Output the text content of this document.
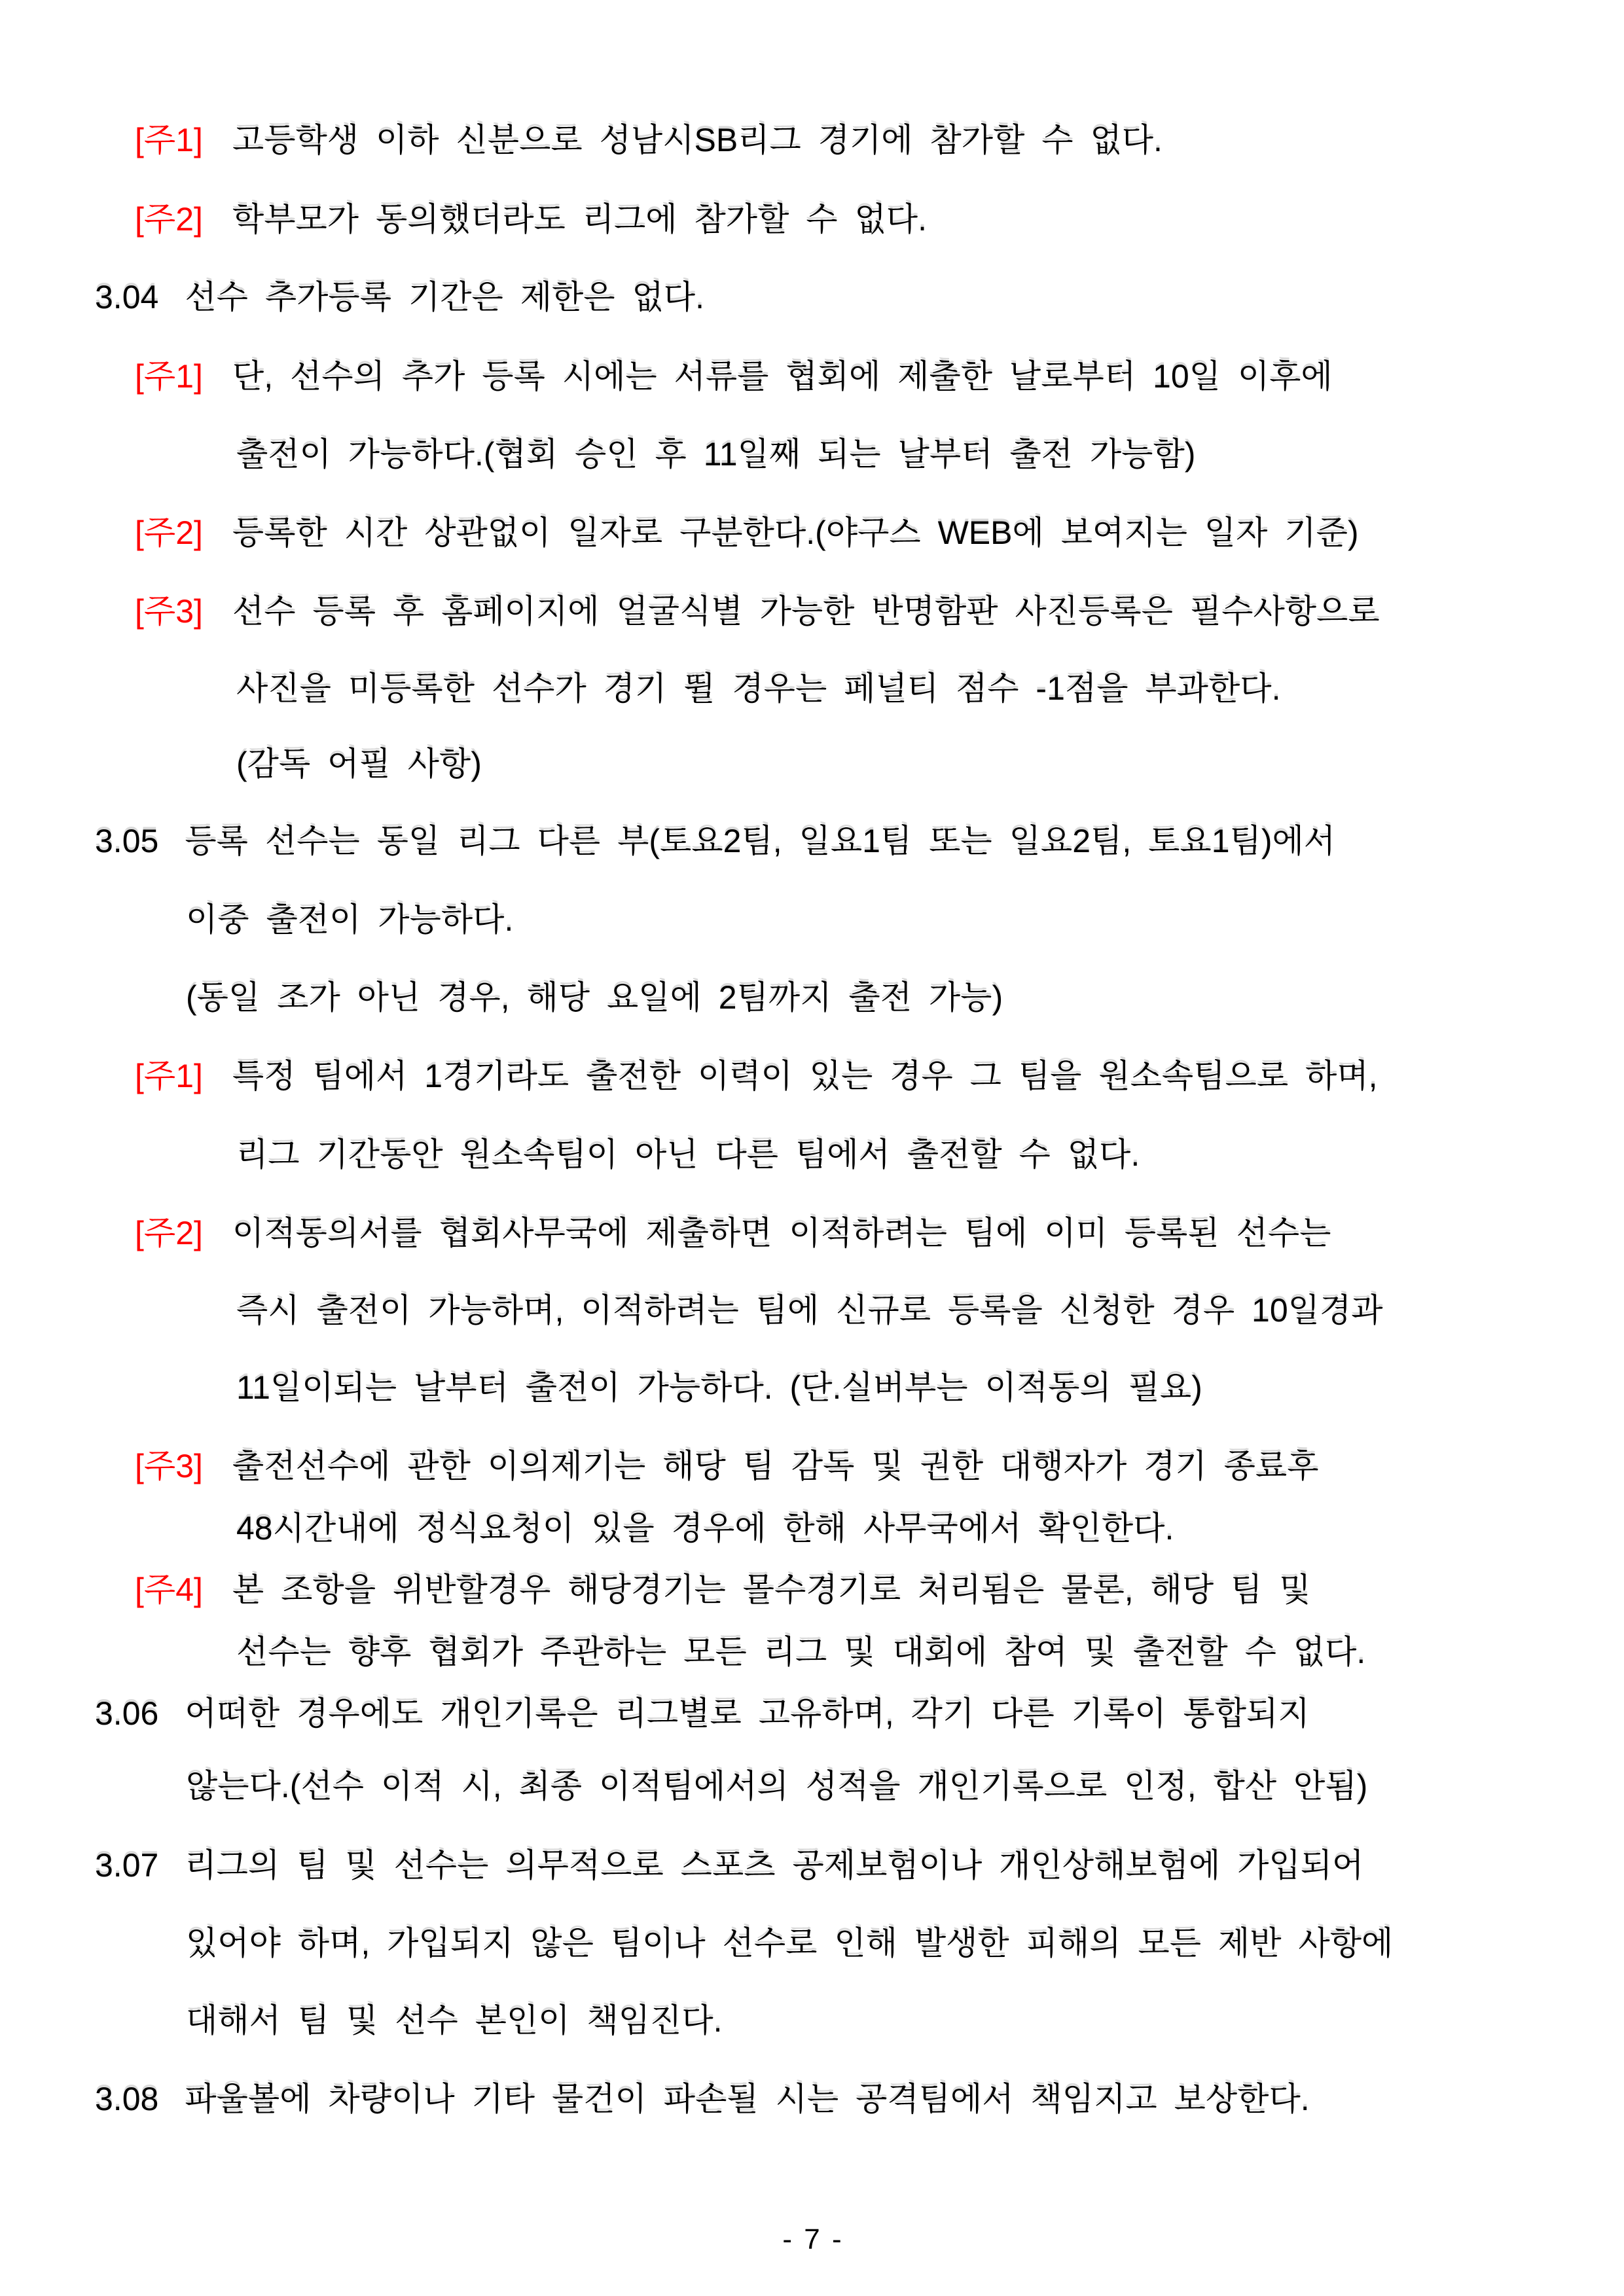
[주1] 고등학생 이하 신분으로 성남시SB리그 경기에 참가할 수 없다.
[주2] 학부모가 동의했더라도 리그에 참가할 수 없다.
3.04 선수 추가등록 기간은 제한은 없다.
[주1] 단, 선수의 추가 등록 시에는 서류를 협회에 제출한 날로부터 10일 이후에
출전이 가능하다.(협회 승인 후 11일째 되는 날부터 출전 가능함)
[주2] 등록한 시간 상관없이 일자로 구분한다.(야구스 WEB에 보여지는 일자 기준)
[주3] 선수 등록 후 홈페이지에 얼굴식별 가능한 반명함판 사진등록은 필수사항으로
사진을 미등록한 선수가 경기 뛸 경우는 페널티 점수 -1점을 부과한다.
(감독 어필 사항)
3.05 등록 선수는 동일 리그 다른 부(토요2팀, 일요1팀 또는 일요2팀, 토요1팀)에서
이중 출전이 가능하다.
(동일 조가 아닌 경우, 해당 요일에 2팀까지 출전 가능)
[주1] 특정 팀에서 1경기라도 출전한 이력이 있는 경우 그 팀을 원소속팀으로 하며,
리그 기간동안 원소속팀이 아닌 다른 팀에서 출전할 수 없다.
[주2] 이적동의서를 협회사무국에 제출하면 이적하려는 팀에 이미 등록된 선수는
즉시 출전이 가능하며, 이적하려는 팀에 신규로 등록을 신청한 경우 10일경과
11일이되는 날부터 출전이 가능하다. (단.실버부는 이적동의 필요)
[주3] 출전선수에 관한 이의제기는 해당 팀 감독 및 권한 대행자가 경기 종료후
48시간내에 정식요청이 있을 경우에 한해 사무국에서 확인한다.
[주4] 본 조항을 위반할경우 해당경기는 몰수경기로 처리됨은 물론, 해당 팀 및
선수는 향후 협회가 주관하는 모든 리그 및 대회에 참여 및 출전할 수 없다.
3.06 어떠한 경우에도 개인기록은 리그별로 고유하며, 각기 다른 기록이 통합되지
않는다.(선수 이적 시, 최종 이적팀에서의 성적을 개인기록으로 인정, 합산 안됨)
3.07 리그의 팀 및 선수는 의무적으로 스포츠 공제보험이나 개인상해보험에 가입되어
있어야 하며, 가입되지 않은 팀이나 선수로 인해 발생한 피해의 모든 제반 사항에
대해서 팀 및 선수 본인이 책임진다.
3.08 파울볼에 차량이나 기타 물건이 파손될 시는 공격팀에서 책임지고 보상한다.
- 7 -
